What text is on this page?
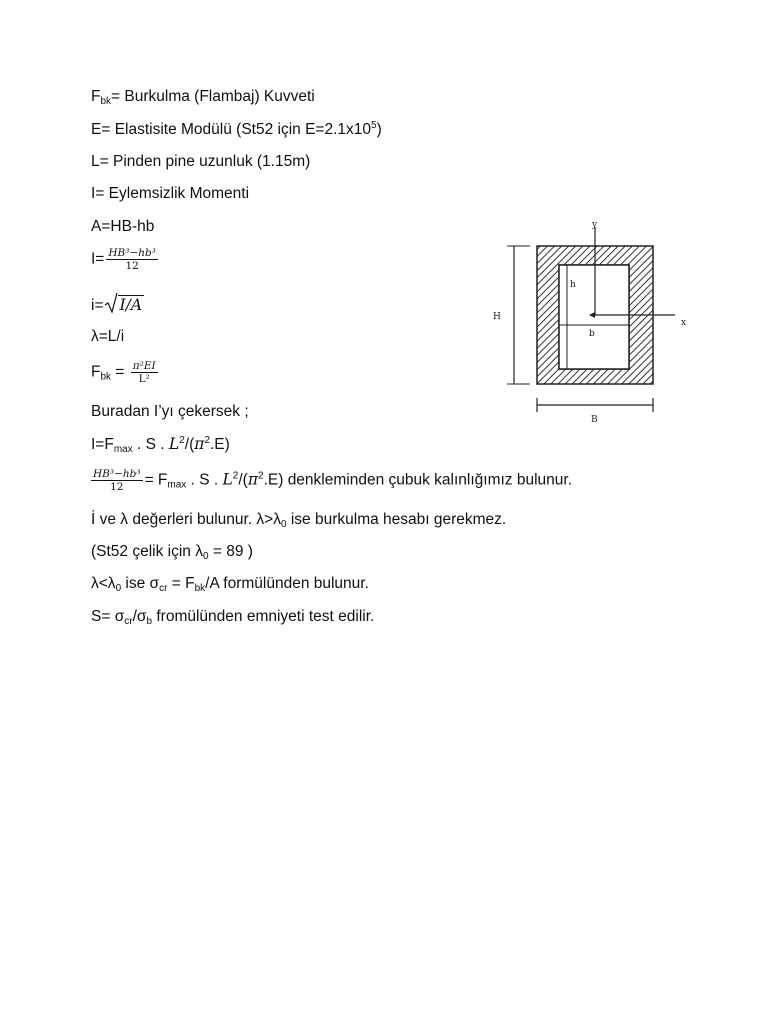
$F_{bk}=$ Burkulma (Flambaj) Kuvveti
E= Elastisite Modülü (St52 için $E=2.1x10^5$)
L= Pinden pine uzunluk (1.15m)
I= Eylemsizlik Momenti
A=HB-hb
$I= \frac{\text{HB³−hb³}}{12}$
i= I/A
λ=L/i
$F_{bk} = \frac{\text{π²EI}}{\text{L²}}$
Buradan I’yı çekersek ;
$I=F_{max}$ . S . $L^2/(\pi^2.E)$
$\frac{\text{HB³−hb³}}{12} = F_{max}$ . S . $L^2/(\pi^2.E)$ denkleminden çubuk kalınlığımız bulunur.
İ ve λ değerleri bulunur. $\lambda>\lambda_0$ ise burkulma hesabı gerekmez.
(St52 çelik için $\lambda_0 = 89$ )
$\lambda<\lambda_0$ ise $\sigma_{cr} = F_{bk}/A$ formülünden bulunur.
$S= \sigma_{cr}/\sigma_b$ fromülünden emniyeti test edilir.
y
x
h
b
H
B
